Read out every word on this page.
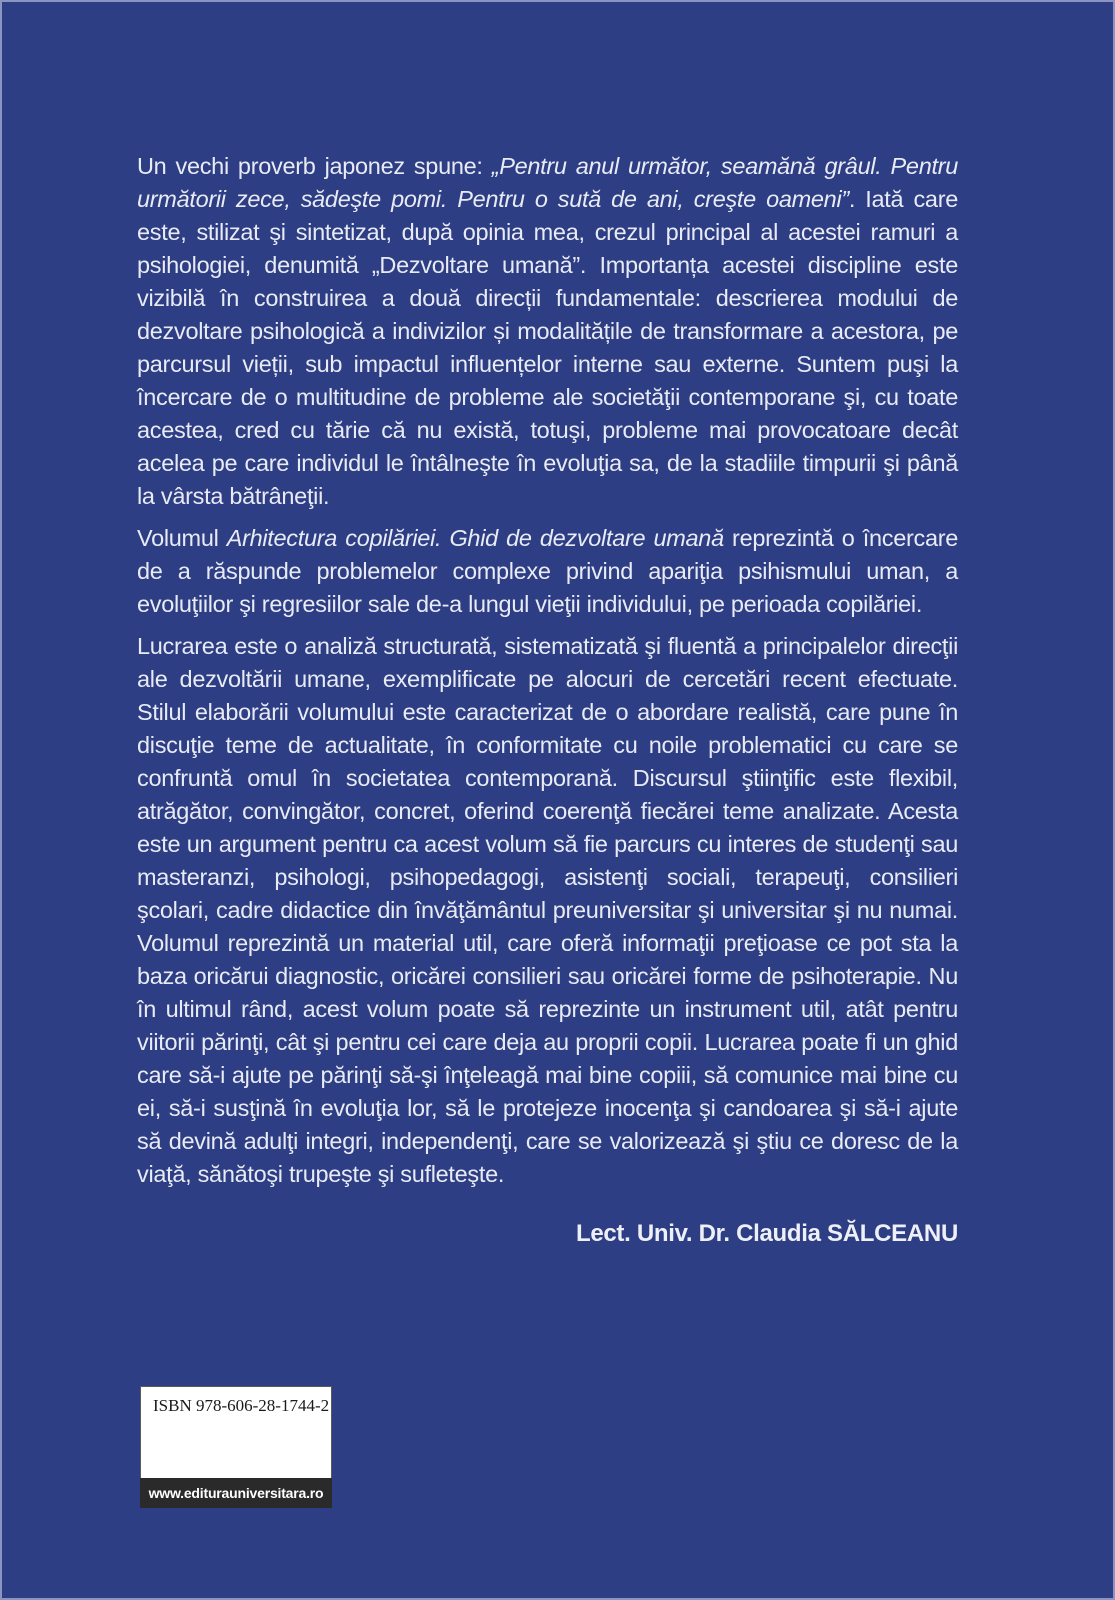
Un vechi proverb japonez spune: „Pentru anul următor, seamănă grâul. Pentru următorii zece, sădeşte pomi. Pentru o sută de ani, creşte oameni”. Iată care este, stilizat şi sintetizat, după opinia mea, crezul principal al acestei ramuri a psihologiei, denumită „Dezvoltare umană”. Importanța acestei discipline este vizibilă în construirea a două direcții fundamentale: descrierea modului de dezvoltare psihologică a indivizilor și modalitățile de transformare a acestora, pe parcursul vieții, sub impactul influențelor interne sau externe. Suntem puşi la încercare de o multitudine de probleme ale societăţii contemporane şi, cu toate acestea, cred cu tărie că nu există, totuşi, probleme mai provocatoare decât acelea pe care individul le întâlneşte în evoluţia sa, de la stadiile timpurii şi până la vârsta bătrâneţii.

Volumul Arhitectura copilăriei. Ghid de dezvoltare umană reprezintă o încercare de a răspunde problemelor complexe privind apariţia psihismului uman, a evoluţiilor şi regresiilor sale de-a lungul vieţii individului, pe perioada copilăriei.

Lucrarea este o analiză structurată, sistematizată şi fluentă a principalelor direcţii ale dezvoltării umane, exemplificate pe alocuri de cercetări recent efectuate. Stilul elaborării volumului este caracterizat de o abordare realistă, care pune în discuţie teme de actualitate, în conformitate cu noile problematici cu care se confruntă omul în societatea contemporană. Discursul ştiinţific este flexibil, atrăgător, convingător, concret, oferind coerenţă fiecărei teme analizate. Acesta este un argument pentru ca acest volum să fie parcurs cu interes de studenţi sau masteranzi, psihologi, psihopedagogi, asistenţi sociali, terapeuţi, consilieri şcolari, cadre didactice din învăţământul preuniversitar şi universitar şi nu numai. Volumul reprezintă un material util, care oferă informaţii preţioase ce pot sta la baza oricărui diagnostic, oricărei consilieri sau oricărei forme de psihoterapie. Nu în ultimul rând, acest volum poate să reprezinte un instrument util, atât pentru viitorii părinţi, cât şi pentru cei care deja au proprii copii. Lucrarea poate fi un ghid care să-i ajute pe părinţi să-şi înţeleagă mai bine copiii, să comunice mai bine cu ei, să-i susţină în evoluţia lor, să le protejeze inocenţa şi candoarea şi să-i ajute să devină adulţi integri, independenţi, care se valorizează şi ştiu ce doresc de la viaţă, sănătoşi trupeşte şi sufleteşte.

Lect. Univ. Dr. Claudia SĂLCEANU
ISBN 978-606-28-1744-2
www.editurauniversitara.ro
